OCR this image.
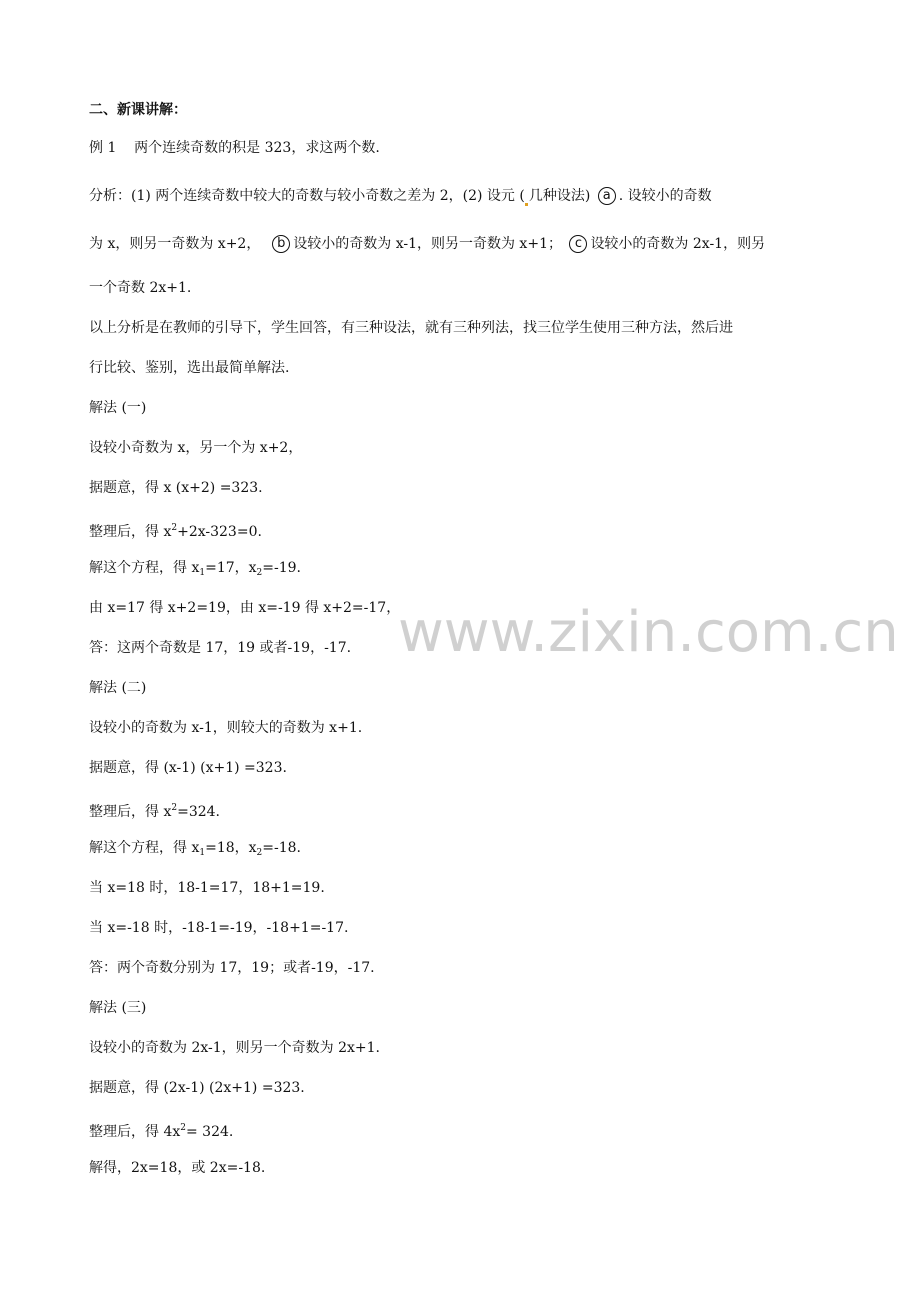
二、新课讲解：
例 1 两个连续奇数的积是 323，求这两个数.
分析：(1) 两个连续奇数中较大的奇数与较小奇数之差为 2，(2) 设元 ( 几种设法) a . 设较小的奇数
为 x，则另一奇数为 x+2， b 设较小的奇数为 x-1，则另一奇数为 x+1； c 设较小的奇数为 2x-1，则另
一个奇数 2x+1.
以上分析是在教师的引导下，学生回答，有三种设法，就有三种列法，找三位学生使用三种方法，然后进
行比较、鉴别，选出最简单解法.
解法 (一)
设较小奇数为 x，另一个为 x+2，
据题意，得 x (x+2) =323.
整理后，得 $x^2+2x-323=0$.
解这个方程，得 $x_1=17$，$x_2=-19$.
由 x=17 得 x+2=19，由 x=-19 得 x+2=-17，
答：这两个奇数是 17，19 或者-19，-17.
解法 (二)
设较小的奇数为 x-1，则较大的奇数为 x+1.
据题意，得 (x-1) (x+1) =323.
整理后，得 $x^2=324$.
解这个方程，得 $x_1=18$，$x_2=-18$.
当 x=18 时，18-1=17，18+1=19.
当 x=-18 时，-18-1=-19，-18+1=-17.
答：两个奇数分别为 17，19；或者-19，-17.
解法 (三)
设较小的奇数为 2x-1，则另一个奇数为 2x+1.
据题意，得 (2x-1) (2x+1) =323.
整理后，得 $4x^2= 324$.
解得，2x=18，或 2x=-18.
www.zixin.com.cn
